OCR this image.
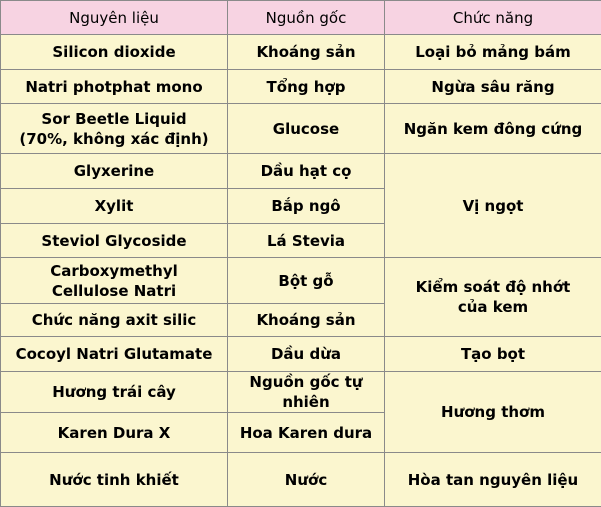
Nguyên liệu	Nguồn gốc	Chức năng
Silicon dioxide	Khoáng sản	Loại bỏ mảng bám
Natri photphat mono	Tổng hợp	Ngừa sâu răng

Sor Beetle Liquid
(70%, không xác định)	Glucose	Ngăn kem đông cứng
Glyxerine	Dầu hạt cọ	Vị ngọt
Xylit	Bắp ngô	
Steviol Glycoside	Lá Stevia	

Carboxymethyl
Cellulose Natri	Bột gỗ	Kiểm soát độ nhớt
của kem

Chức năng axit silic	Khoáng sản	
Cocoyl Natri Glutamate	Dầu dừa	Tạo bọt
Hương trái cây	Nguồn gốc tự nhiên	Hương thơm
Karen Dura X	Hoa Karen dura	
Nước tinh khiết	Nước	Hòa tan nguyên liệu
